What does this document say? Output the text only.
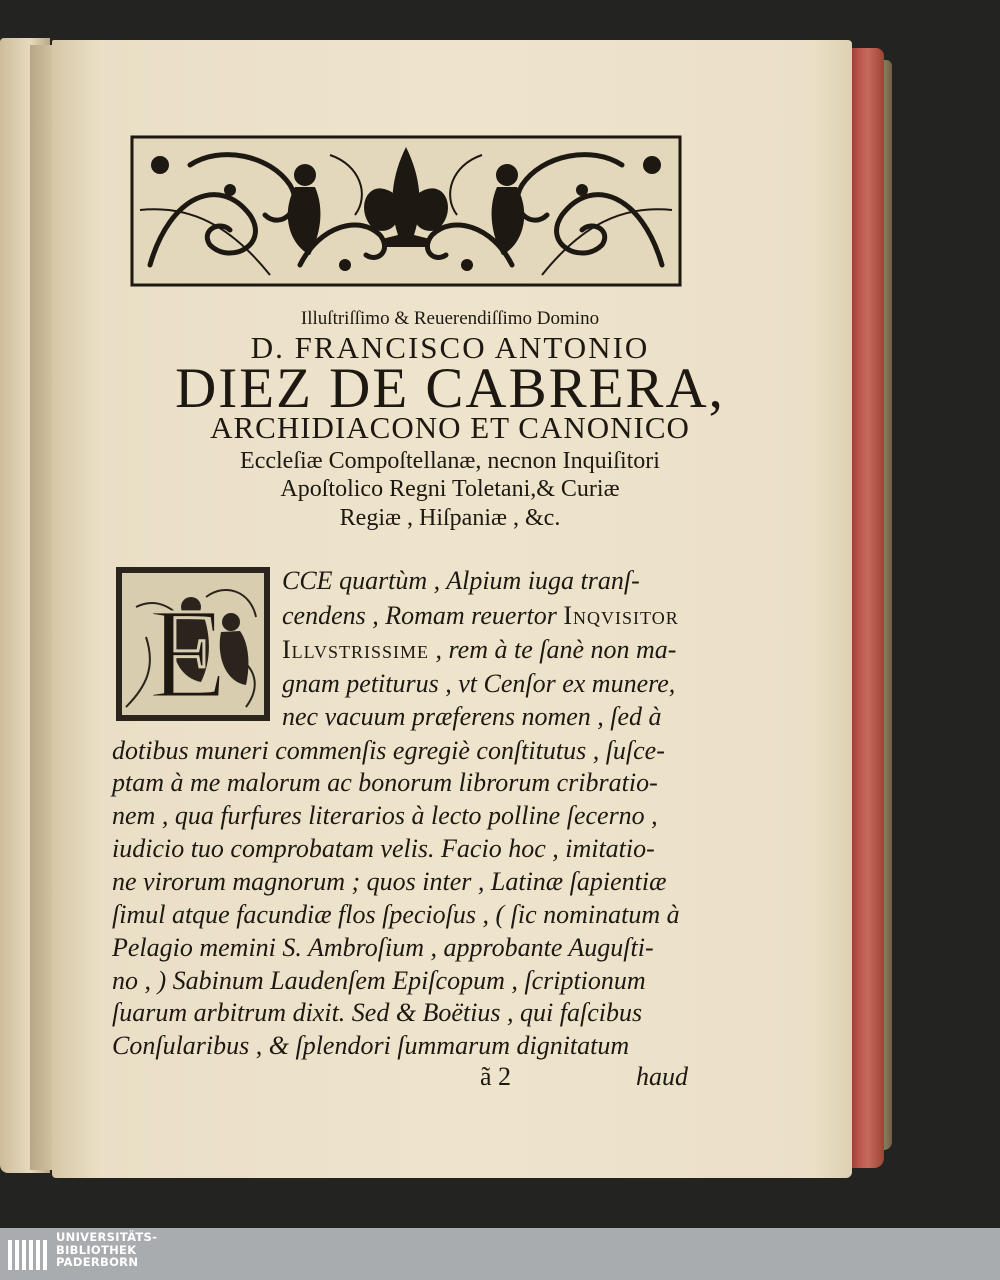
Illuſtriſſimo & Reuerendiſſimo Domino
D. FRANCISCO ANTONIO
DIEZ DE CABRERA,
ARCHIDIACONO ET CANONICO
Eccleſiæ Compoſtellanæ, necnon Inquiſitori
Apoſtolico Regni Toletani,& Curiæ
Regiæ , Hiſpaniæ , &c.
E
CCE quartùm , Alpium iuga tranſ-
cendens , Romam reuertor Inqvisitor
Illvstrissime , rem à te ſanè non ma-
gnam petiturus , vt Cenſor ex munere,
nec vacuum præferens nomen , ſed à
dotibus muneri commenſis egregiè conſtitutus , ſuſce-
ptam à me malorum ac bonorum librorum cribratio-
nem , qua furfures literarios à lecto polline ſecerno ,
iudicio tuo comprobatam velis. Facio hoc , imitatio-
ne virorum magnorum ; quos inter , Latinæ ſapientiæ
ſimul atque facundiæ flos ſpecioſus , ( ſic nominatum à
Pelagio memini S. Ambroſium , approbante Auguſti-
no , ) Sabinum Laudenſem Epiſcopum , ſcriptionum
ſuarum arbitrum dixit. Sed & Boëtius , qui faſcibus
Conſularibus , & ſplendori ſummarum dignitatum
ã 2	haud
UNIVERSITÄTS-
BIBLIOTHEK
PADERBORN
